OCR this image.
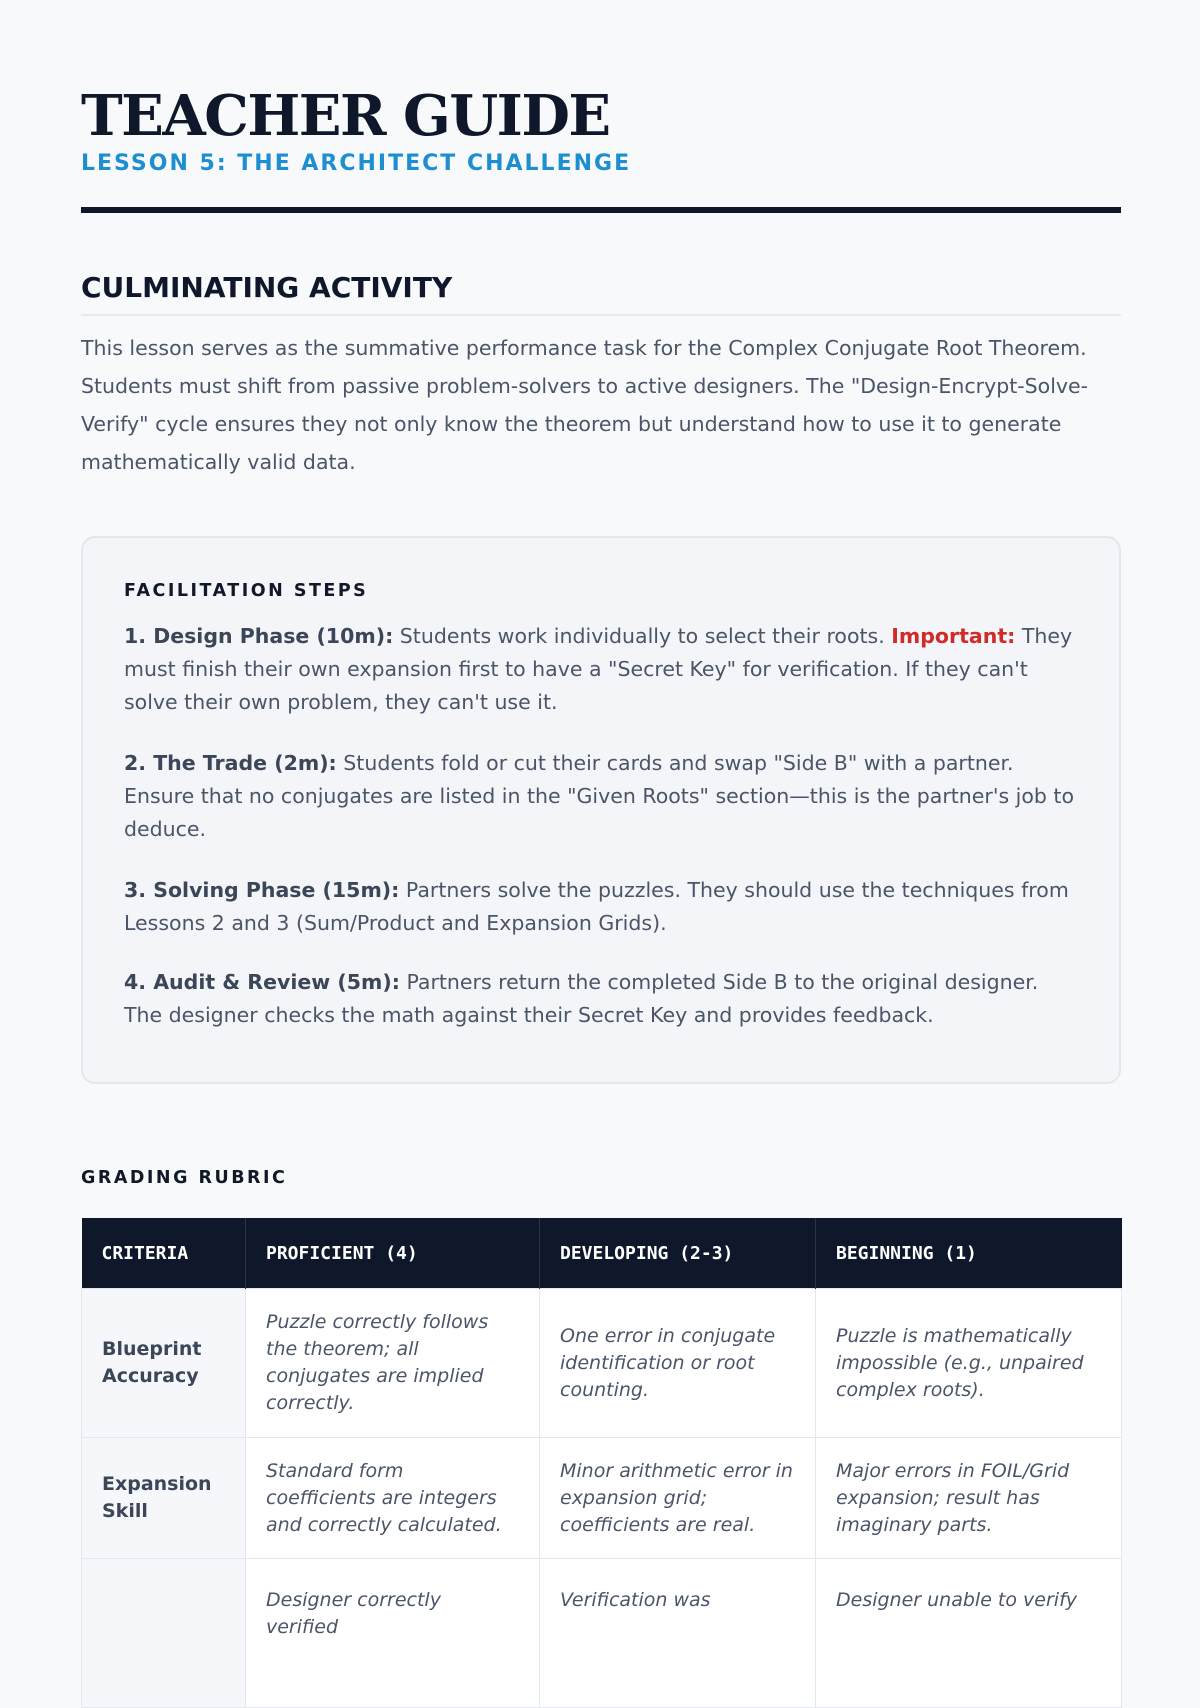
TEACHER GUIDE
LESSON 5: THE ARCHITECT CHALLENGE
CULMINATING ACTIVITY

This lesson serves as the summative performance task for the Complex Conjugate Root Theorem. Students must shift from passive problem-solvers to active designers. The "Design-Encrypt-Solve-Verify" cycle ensures they not only know the theorem but understand how to use it to generate mathematically valid data.

FACILITATION STEPS
1. Design Phase (10m): Students work individually to select their roots. Important: They must finish their own expansion first to have a "Secret Key" for verification. If they can't solve their own problem, they can't use it.
2. The Trade (2m): Students fold or cut their cards and swap "Side B" with a partner. Ensure that no conjugates are listed in the "Given Roots" section—this is the partner's job to deduce.
3. Solving Phase (15m): Partners solve the puzzles. They should use the techniques from Lessons 2 and 3 (Sum/Product and Expansion Grids).
4. Audit & Review (5m): Partners return the completed Side B to the original designer. The designer checks the math against their Secret Key and provides feedback.
GRADING RUBRIC
CRITERIA	PROFICIENT (4)	DEVELOPING (2-3)	BEGINNING (1)
Blueprint Accuracy	Puzzle correctly follows the theorem; all conjugates are implied correctly.	One error in conjugate identification or root counting.	Puzzle is mathematically impossible (e.g., unpaired complex roots).
Expansion Skill	Standard form coefficients are integers and correctly calculated.	Minor arithmetic error in expansion grid; coefficients are real.	Major errors in FOIL/Grid expansion; result has imaginary parts.
	Designer correctly verified	Verification was	Designer unable to verify
